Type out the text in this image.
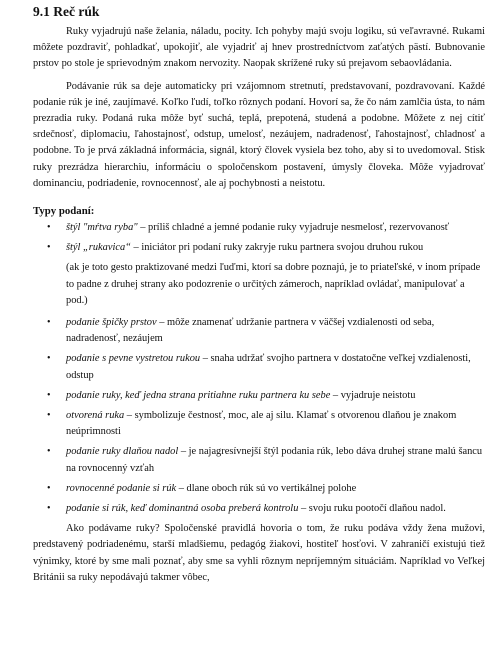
9.1 Reč rúk

Ruky vyjadrujú naše želania, náladu, pocity. Ich pohyby majú svoju logiku, sú veľavravné. Rukami môžete pozdraviť, pohladkať, upokojiť, ale vyjadriť aj hnev prostredníctvom zaťatých pästí. Bubnovanie prstov po stole je sprievodným znakom nervozity. Naopak skrížené ruky sú prejavom sebaovládania.

Podávanie rúk sa deje automaticky pri vzájomnom stretnutí, predstavovaní, pozdravovaní. Každé podanie rúk je iné, zaujímavé. Koľko ľudí, toľko rôznych podaní. Hovorí sa, že čo nám zamlčia ústa, to nám prezradia ruky. Podaná ruka môže byť suchá, teplá, prepotená, studená a podobne. Môžete z nej cítiť srdečnosť, diplomaciu, ľahostajnosť, odstup, umelosť, nezáujem, nadradenosť, ľahostajnosť, chladnosť a podobne. To je prvá základná informácia, signál, ktorý človek vysiela bez toho, aby si to uvedomoval. Stisk ruky prezrádza hierarchiu, informáciu o spoločenskom postavení, úmysly človeka. Môže vyjadrovať dominanciu, podriadenie, rovnocennosť, ale aj pochybnosti a neistotu.

Typy podaní:
• štýl "mŕtva ryba" – príliš chladné a jemné podanie ruky vyjadruje nesmelosť, rezervovanosť
• štýl „rukavica“ – iniciátor pri podaní ruky zakryje ruku partnera svojou druhou rukou
(ak je toto gesto praktizované medzi ľuďmi, ktorí sa dobre poznajú, je to priateľské, v inom prípade to padne z druhej strany ako podozrenie o určitých zámeroch, napríklad ovládať, manipulovať a pod.)
• podanie špičky prstov – môže znamenať udržanie partnera v väčšej vzdialenosti od seba, nadradenosť, nezáujem
• podanie s pevne vystretou rukou – snaha udržať svojho partnera v dostatočne veľkej vzdialenosti, odstup
• podanie ruky, keď jedna strana pritiahne ruku partnera ku sebe – vyjadruje neistotu
• otvorená ruka – symbolizuje čestnosť, moc, ale aj silu. Klamať s otvorenou dlaňou je znakom neúprimnosti
• podanie ruky dlaňou nadol – je najagresívnejší štýl podania rúk, lebo dáva druhej strane malú šancu na rovnocenný vzťah
• rovnocenné podanie si rúk – dlane oboch rúk sú vo vertikálnej polohe
• podanie si rúk, keď dominantná osoba preberá kontrolu – svoju ruku pootočí dlaňou nadol.

Ako podávame ruky? Spoločenské pravidlá hovoria o tom, že ruku podáva vždy žena mužovi, predstavený podriadenému, starší mladšiemu, pedagóg žiakovi, hostiteľ hosťovi. V zahraničí existujú tiež výnimky, ktoré by sme mali poznať, aby sme sa vyhli rôznym nepríjemným situáciám. Napríklad vo Veľkej Británii sa ruky nepodávajú takmer vôbec,
